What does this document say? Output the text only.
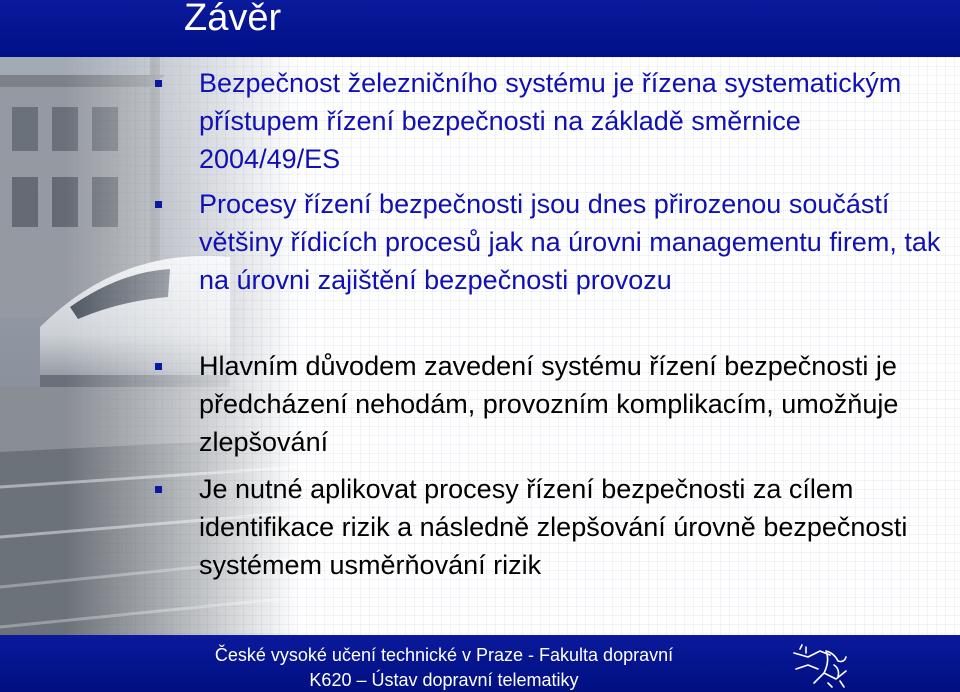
Závěr
Bezpečnost železničního systému je řízena systematickým přístupem řízení bezpečnosti na základě směrnice 2004/49/ES
Procesy řízení bezpečnosti jsou dnes přirozenou součástí většiny řídicích procesů jak na úrovni managementu firem, tak na úrovni zajištění bezpečnosti provozu
Hlavním důvodem zavedení systému řízení bezpečnosti je předcházení nehodám, provozním komplikacím, umožňuje zlepšování
Je nutné aplikovat procesy řízení bezpečnosti za cílem identifikace rizik a následně zlepšování úrovně bezpečnosti systémem usměrňování rizik
České vysoké učení technické v Praze - Fakulta dopravní
K620 – Ústav dopravní telematiky
